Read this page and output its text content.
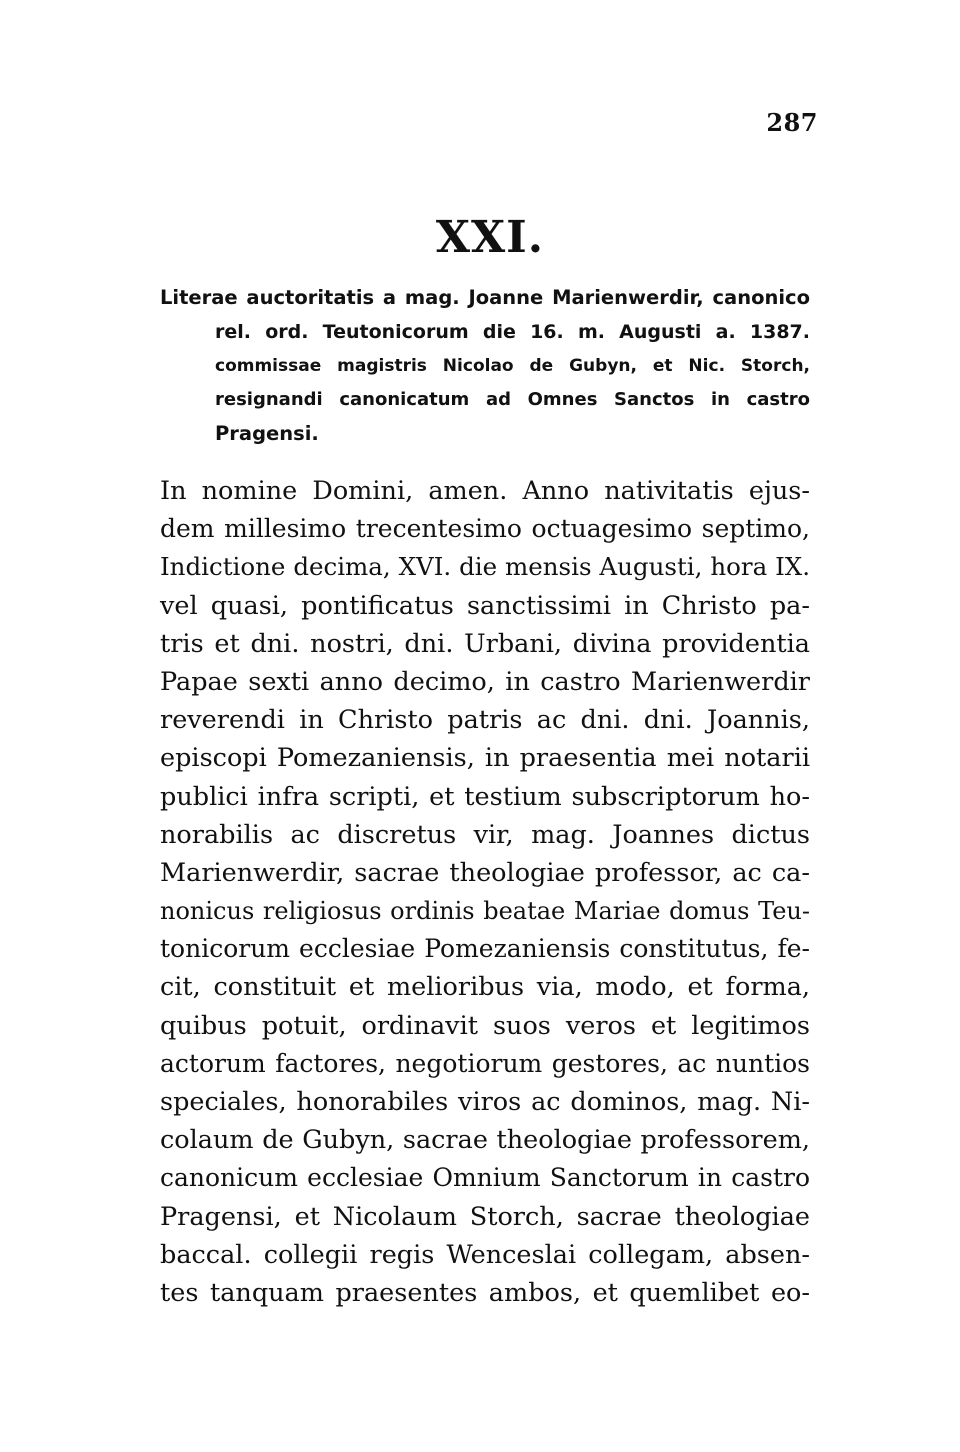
287
XXI.
Literae auctoritatis a mag. Joanne Marienwerdir, canonico
rel. ord. Teutonicorum die 16. m. Augusti a. 1387.
commissae magistris Nicolao de Gubyn, et Nic. Storch,
resignandi canonicatum ad Omnes Sanctos in castro
Pragensi.
In nomine Domini, amen. Anno nativitatis ejus-
dem millesimo trecentesimo octuagesimo septimo,
Indictione decima, XVI. die mensis Augusti, hora IX.
vel quasi, pontificatus sanctissimi in Christo pa-
tris et dni. nostri, dni. Urbani, divina providentia
Papae sexti anno decimo, in castro Marienwerdir
reverendi in Christo patris ac dni. dni. Joannis,
episcopi Pomezaniensis, in praesentia mei notarii
publici infra scripti, et testium subscriptorum ho-
norabilis ac discretus vir, mag. Joannes dictus
Marienwerdir, sacrae theologiae professor, ac ca-
nonicus religiosus ordinis beatae Mariae domus Teu-
tonicorum ecclesiae Pomezaniensis constitutus, fe-
cit, constituit et melioribus via, modo, et forma,
quibus potuit, ordinavit suos veros et legitimos
actorum factores, negotiorum gestores, ac nuntios
speciales, honorabiles viros ac dominos, mag. Ni-
colaum de Gubyn, sacrae theologiae professorem,
canonicum ecclesiae Omnium Sanctorum in castro
Pragensi, et Nicolaum Storch, sacrae theologiae
baccal. collegii regis Wenceslai collegam, absen-
tes tanquam praesentes ambos, et quemlibet eo-
